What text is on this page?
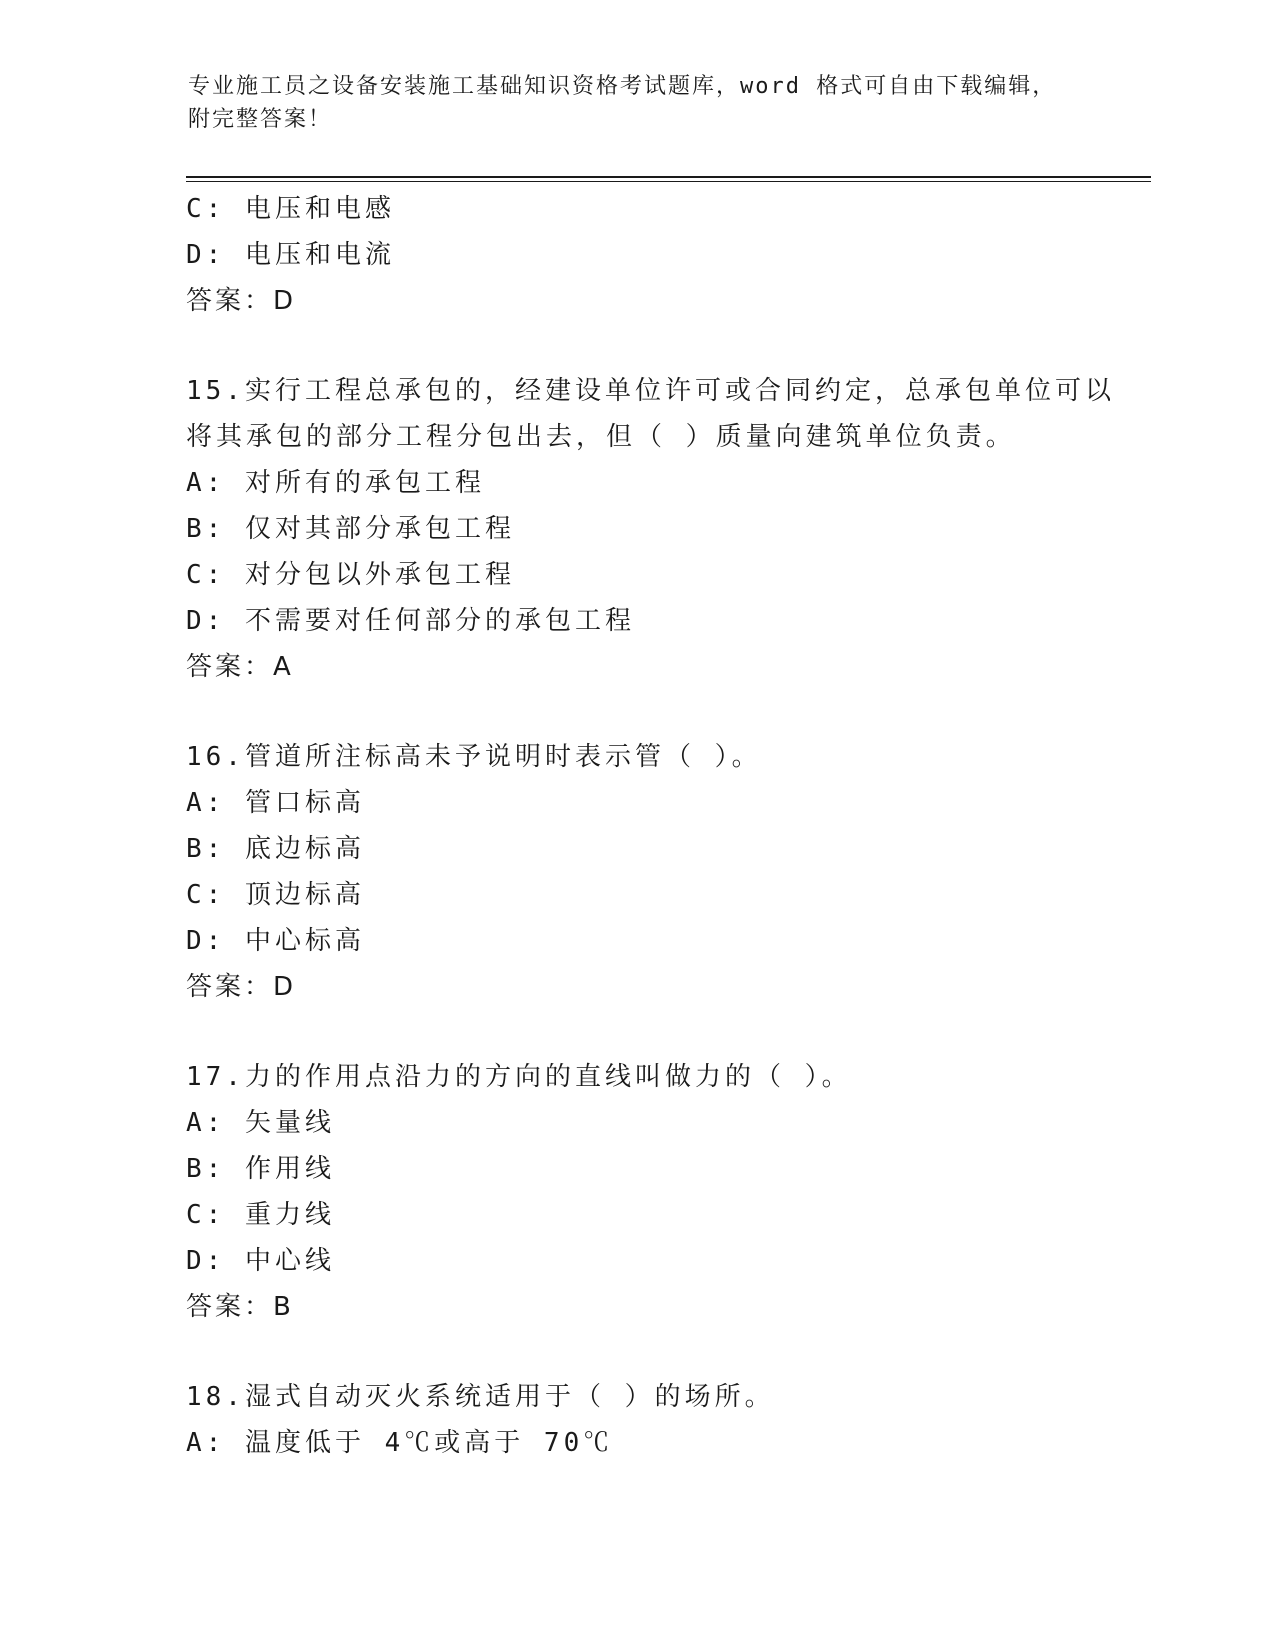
专业施工员之设备安装施工基础知识资格考试题库，word 格式可自由下载编辑，
附完整答案！
C: 电压和电感
D: 电压和电流
答案：D
15.实行工程总承包的，经建设单位许可或合同约定，总承包单位可以
将其承包的部分工程分包出去，但（ ）质量向建筑单位负责。
A: 对所有的承包工程
B: 仅对其部分承包工程
C: 对分包以外承包工程
D: 不需要对任何部分的承包工程
答案：A
16.管道所注标高未予说明时表示管（ ）。
A: 管口标高
B: 底边标高
C: 顶边标高
D: 中心标高
答案：D
17.力的作用点沿力的方向的直线叫做力的（ ）。
A: 矢量线
B: 作用线
C: 重力线
D: 中心线
答案：B
18.湿式自动灭火系统适用于（ ）的场所。
A: 温度低于 4℃或高于 70℃
